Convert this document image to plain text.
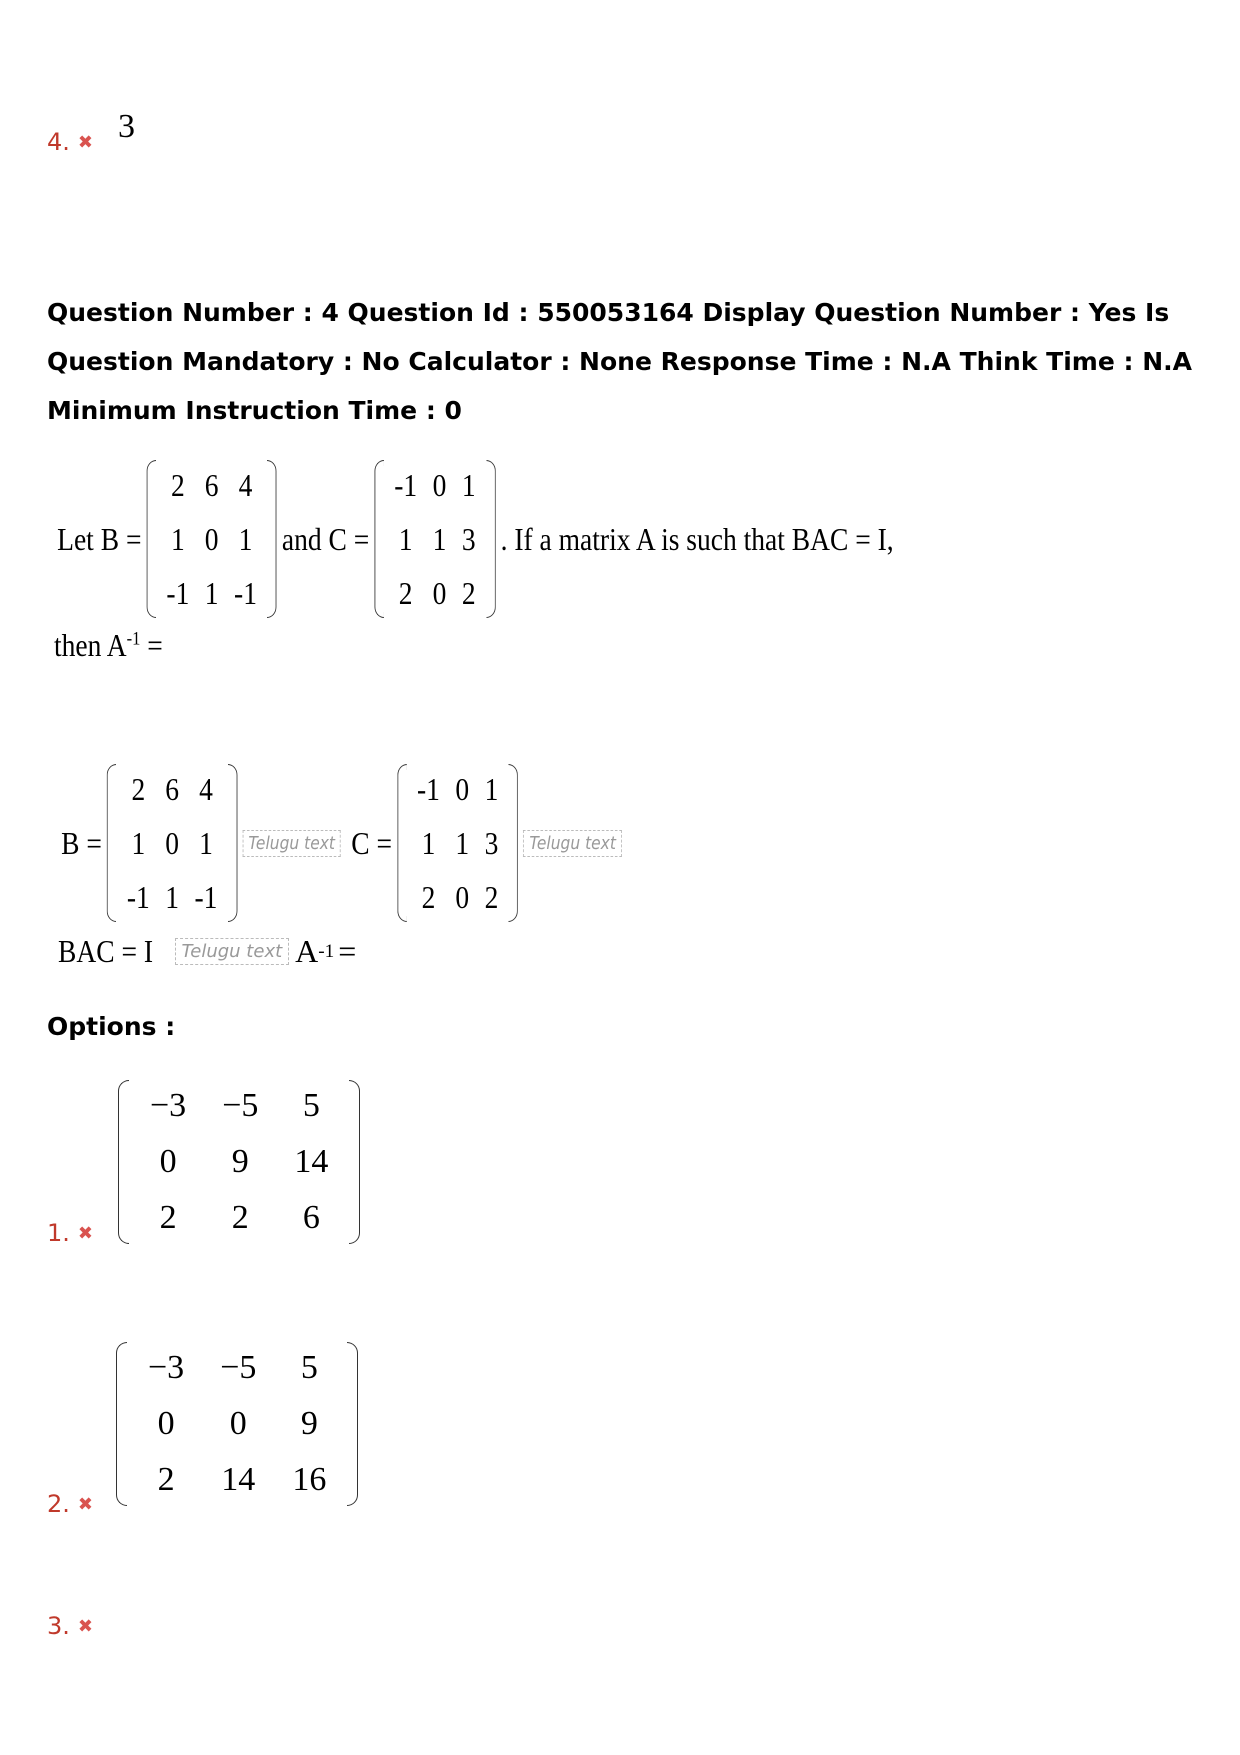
4. ✖ 3
Question Number : 4 Question Id : 550053164 Display Question Number : Yes Is Question Mandatory : No Calculator : None Response Time : N.A Think Time : N.A Minimum Instruction Time : 0
Let B =
2	6	4
1	0	1
-1	1	-1
and C =
-1	0	1
1	1	3
2	0	2
. If a matrix A is such that BAC = I,
then $A^{-1}$ =
B =
2	6	4
1	0	1
-1	1	-1
Telugu text C =
-1	0	1
1	1	3
2	0	2
Telugu text
BAC = I	Telugu text A -1 =
Options :
−3	−5	5
0	9	14
2	2	6
1. ✖
−3	−5	5
0	0	9
2	14	16
2. ✖
3. ✖
